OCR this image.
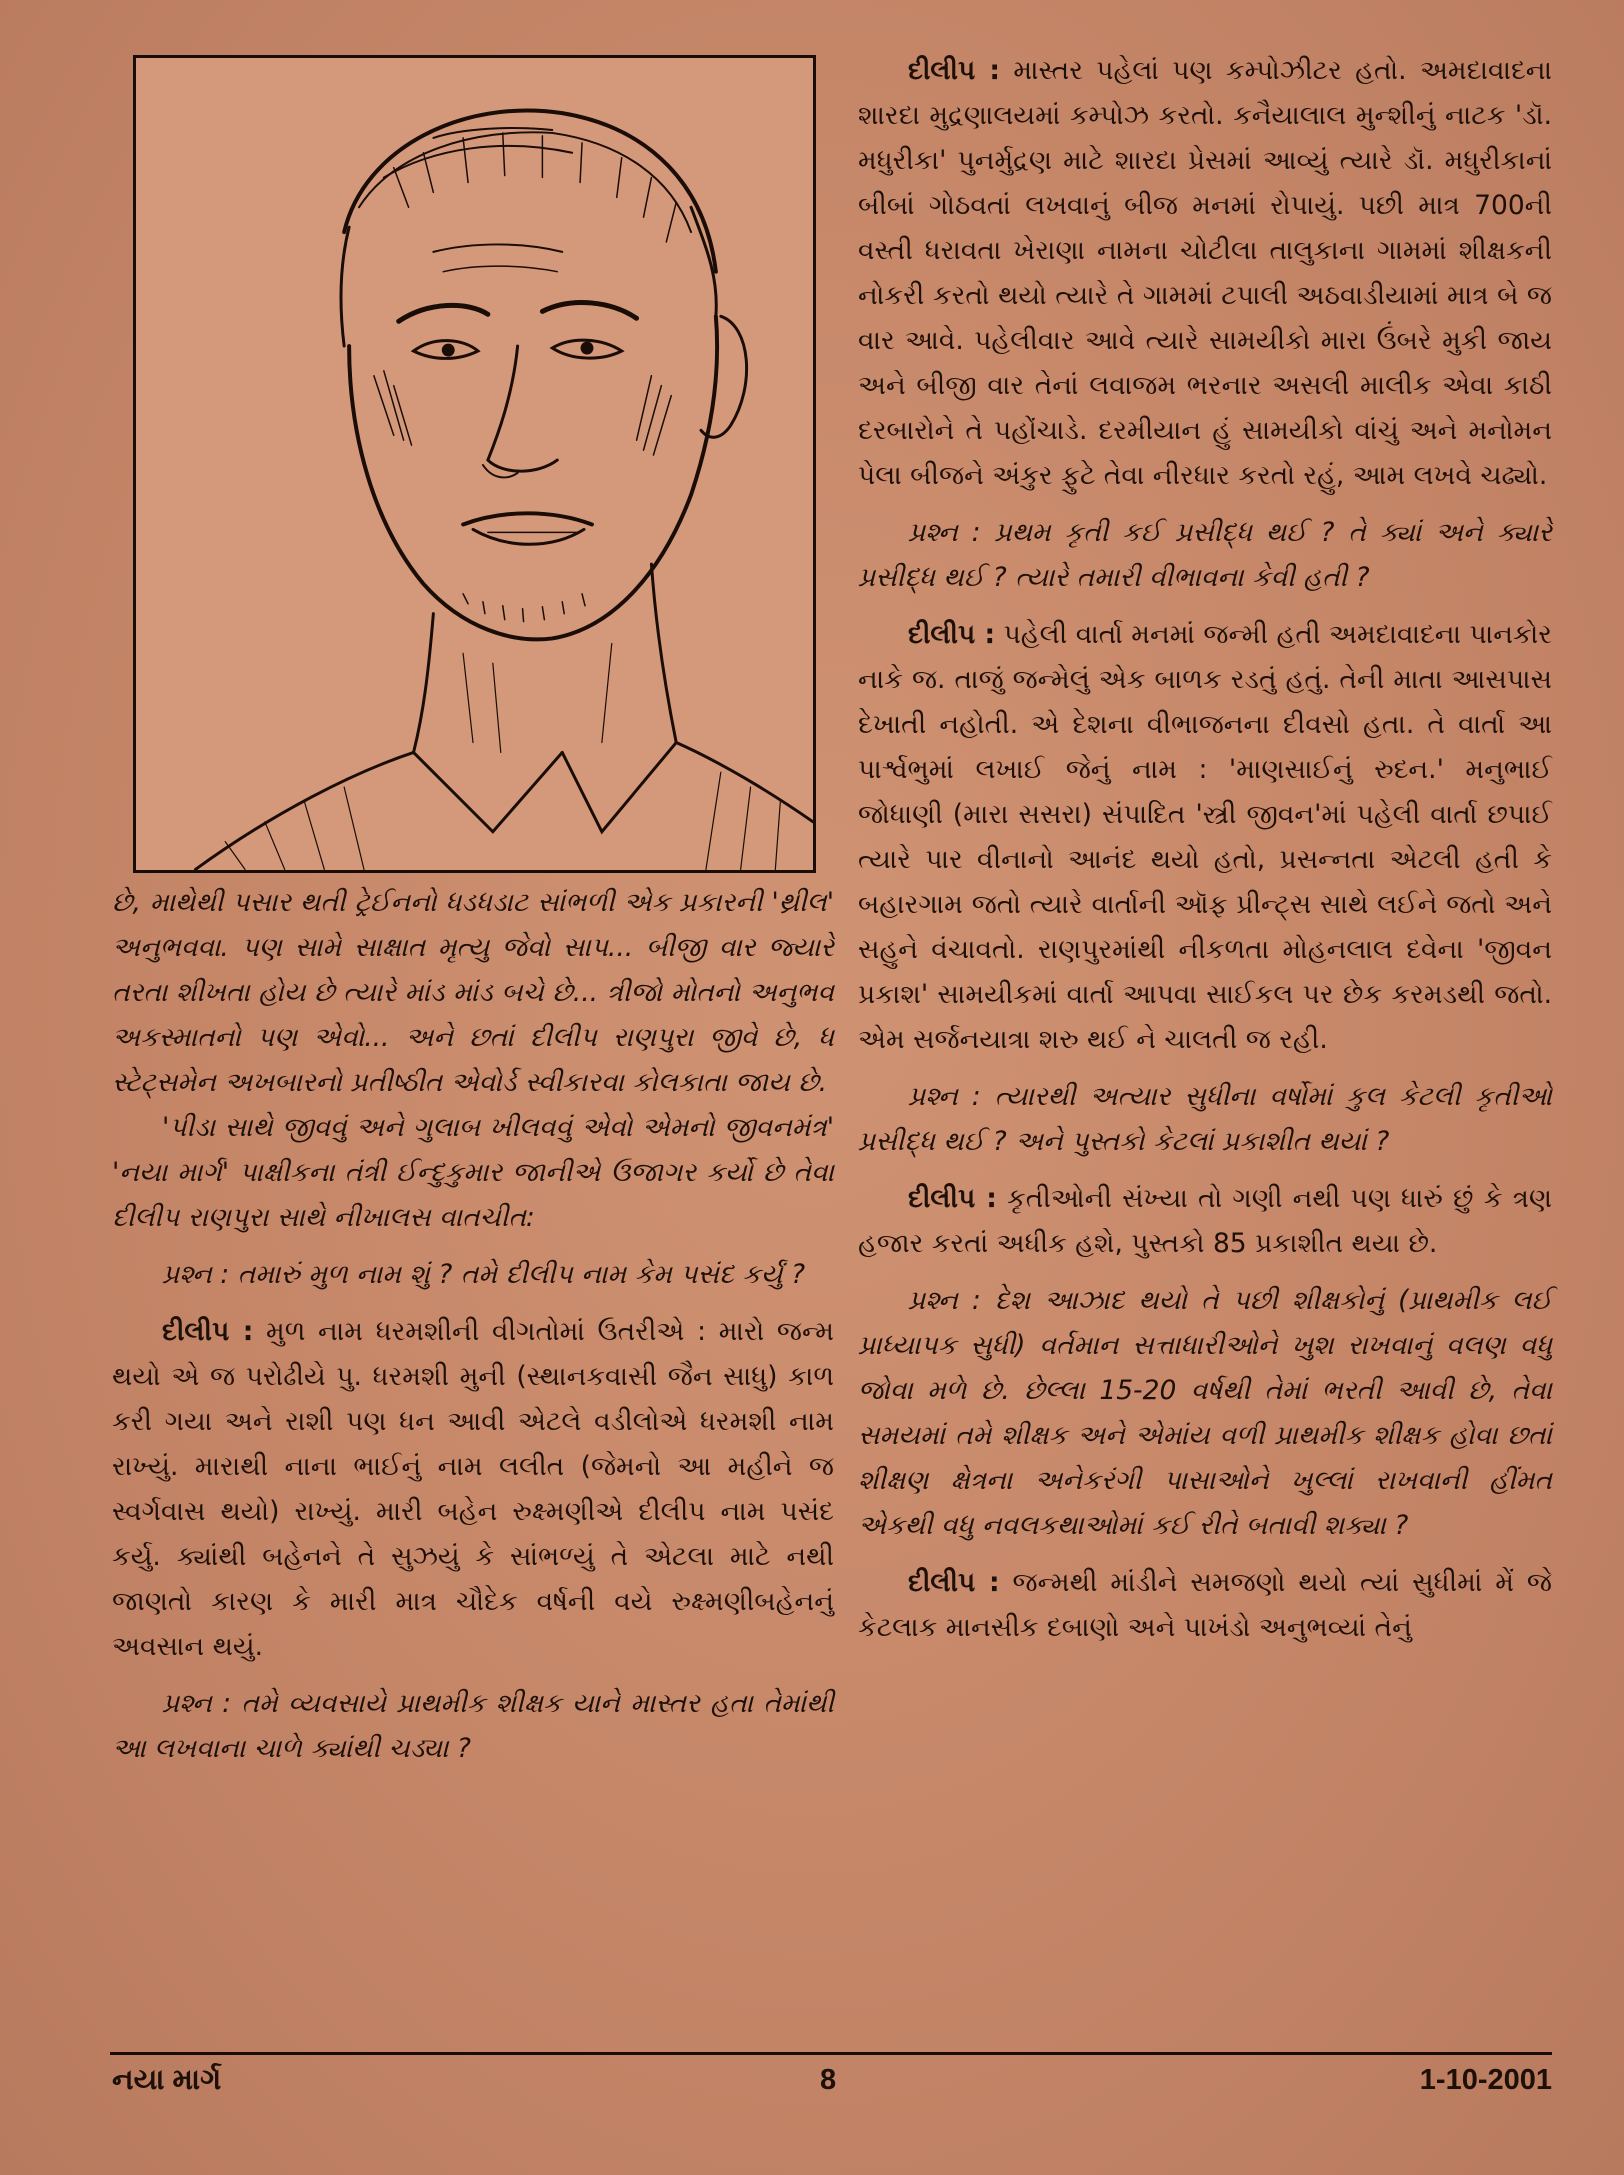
છે, માથેથી પસાર થતી ટ્રેઈનનો ધડધડાટ સાંભળી એક પ્રકારની 'થ્રીલ' અનુભવવા. પણ સામે સાક્ષાત મૃત્યુ જેવો સાપ... બીજી વાર જ્યારે તરતા શીખતા હોય છે ત્યારે માંડ માંડ બચે છે... ત્રીજો મોતનો અનુભવ અકસ્માતનો પણ એવો... અને છતાં દીલીપ રાણપુરા જીવે છે, ધ સ્ટેટ્સમેન અખબારનો પ્રતીષ્ઠીત એવોર્ડ સ્વીકારવા કોલકાતા જાય છે.

'પીડા સાથે જીવવું અને ગુલાબ ખીલવવું એવો એમનો જીવનમંત્ર' 'નયા માર્ગ' પાક્ષીકના તંત્રી ઈન્દુકુમાર જાનીએ ઉજાગર કર્યો છે તેવા દીલીપ રાણપુરા સાથે નીખાલસ વાતચીત:

પ્રશ્ન : તમારું મુળ નામ શું ? તમે દીલીપ નામ કેમ પસંદ કર્યું ?

દીલીપ : મુળ નામ ધરમશીની વીગતોમાં ઉતરીએ : મારો જન્મ થયો એ જ પરોઢીયે પુ. ધરમશી મુની (સ્થાનકવાસી જૈન સાધુ) કાળ કરી ગયા અને રાશી પણ ધન આવી એટલે વડીલોએ ધરમશી નામ રાખ્યું. મારાથી નાના ભાઈનું નામ લલીત (જેમનો આ મહીને જ સ્વર્ગવાસ થયો) રાખ્યું. મારી બહેન રુક્ષ્મણીએ દીલીપ નામ પસંદ કર્યુ. ક્યાંથી બહેનને તે સુઝયું કે સાંભળ્યું તે એટલા માટે નથી જાણતો કારણ કે મારી માત્ર ચૌદેક વર્ષની વયે રુક્ષ્મણીબહેનનું અવસાન થયું.

પ્રશ્ન : તમે વ્યવસાયે પ્રાથમીક શીક્ષક યાને માસ્તર હતા તેમાંથી આ લખવાના ચાળે ક્યાંથી ચડ્યા ?

દીલીપ : માસ્તર પહેલાં પણ કમ્પોઝીટર હતો. અમદાવાદના શારદા મુદ્રણાલયમાં કમ્પોઝ કરતો. કનૈયાલાલ મુન્શીનું નાટક 'ડૉ. મધુરીકા' પુનર્મુદ્રણ માટે શારદા પ્રેસમાં આવ્યું ત્યારે ડૉ. મધુરીકાનાં બીબાં ગોઠવતાં લખવાનું બીજ મનમાં રોપાયું. પછી માત્ર 700ની વસ્તી ધરાવતા ખેરાણા નામના ચોટીલા તાલુકાના ગામમાં શીક્ષકની નોકરી કરતો થયો ત્યારે તે ગામમાં ટપાલી અઠવાડીયામાં માત્ર બે જ વાર આવે. પહેલીવાર આવે ત્યારે સામયીકો મારા ઉંબરે મુકી જાય અને બીજી વાર તેનાં લવાજમ ભરનાર અસલી માલીક એવા કાઠી દરબારોને તે પહોંચાડે. દરમીયાન હું સામયીકો વાંચું અને મનોમન પેલા બીજને અંકુર ફુટે તેવા નીરધાર કરતો રહું, આમ લખવે ચઢ્યો.

પ્રશ્ન : પ્રથમ કૃતી કઈ પ્રસીદ્ધ થઈ ? તે ક્યાં અને ક્યારે પ્રસીદ્ધ થઈ ? ત્યારે તમારી વીભાવના કેવી હતી ?

દીલીપ : પહેલી વાર્તા મનમાં જન્મી હતી અમદાવાદના પાનકોર નાકે જ. તાજું જન્મેલું એક બાળક રડતું હતું. તેની માતા આસપાસ દેખાતી નહોતી. એ દેશના વીભાજનના દીવસો હતા. તે વાર્તા આ પાર્શ્વભુમાં લખાઈ જેનું નામ : 'માણસાઈનું રુદન.' મનુભાઈ જોધાણી (મારા સસરા) સંપાદિત 'સ્ત્રી જીવન'માં પહેલી વાર્તા છપાઈ ત્યારે પાર વીનાનો આનંદ થયો હતો, પ્રસન્નતા એટલી હતી કે બહારગામ જતો ત્યારે વાર્તાની ઑફ પ્રીન્ટ્સ સાથે લઈને જતો અને સહુને વંચાવતો. રાણપુરમાંથી નીકળતા મોહનલાલ દવેના 'જીવન પ્રકાશ' સામયીકમાં વાર્તા આપવા સાઈકલ પર છેક કરમડથી જતો. એમ સર્જનયાત્રા શરુ થઈ ને ચાલતી જ રહી.

પ્રશ્ન : ત્યારથી અત્યાર સુધીના વર્ષોમાં કુલ કેટલી કૃતીઓ પ્રસીદ્ધ થઈ ? અને પુસ્તકો કેટલાં પ્રકાશીત થયાં ?

દીલીપ : કૃતીઓની સંખ્યા તો ગણી નથી પણ ધારું છું કે ત્રણ હજાર કરતાં અધીક હશે, પુસ્તકો 85 પ્રકાશીત થયા છે.

પ્રશ્ન : દેશ આઝાદ થયો તે પછી શીક્ષકોનું (પ્રાથમીક લઈ પ્રાધ્યાપક સુધી) વર્તમાન સત્તાધારીઓને ખુશ રાખવાનું વલણ વધુ જોવા મળે છે. છેલ્લા 15-20 વર્ષથી તેમાં ભરતી આવી છે, તેવા સમયમાં તમે શીક્ષક અને એમાંય વળી પ્રાથમીક શીક્ષક હોવા છતાં શીક્ષણ ક્ષેત્રના અનેકરંગી પાસાઓને ખુલ્લાં રાખવાની હીંમત એકથી વધુ નવલકથાઓમાં કઈ રીતે બતાવી શક્યા ?

દીલીપ : જન્મથી માંડીને સમજણો થયો ત્યાં સુધીમાં મેં જે કેટલાક માનસીક દબાણો અને પાખંડો અનુભવ્યાં તેનું

નયા માર્ગ	8	1-10-2001
